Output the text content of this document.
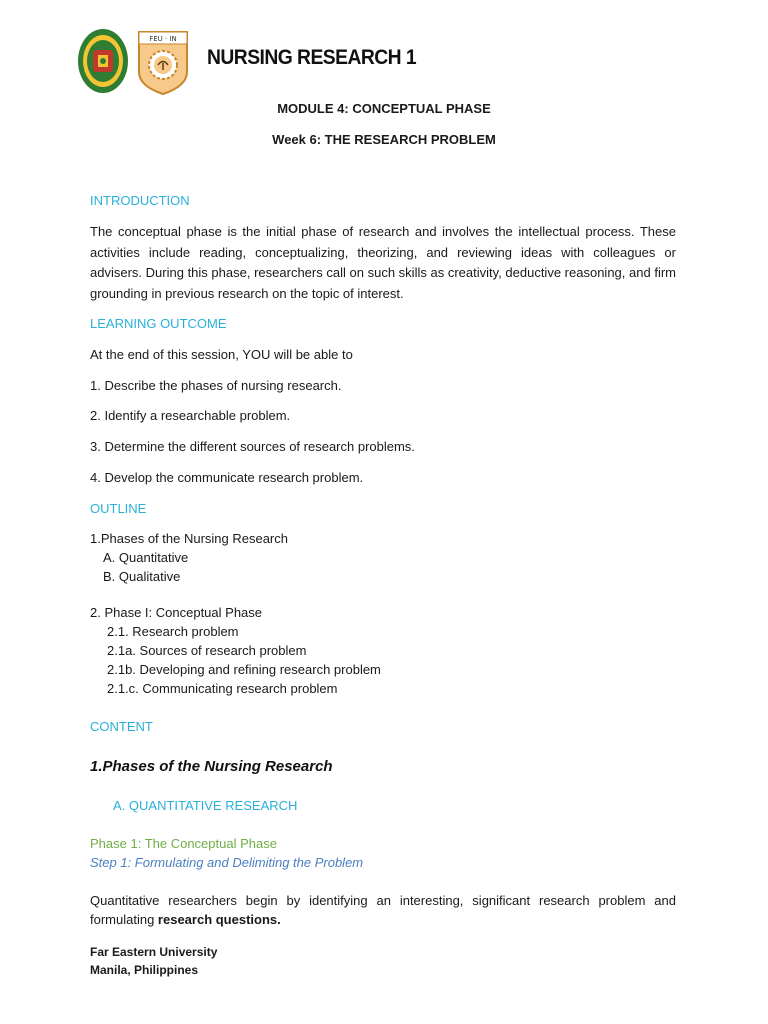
FEU · IN
NURSING RESEARCH 1
MODULE 4: CONCEPTUAL PHASE
Week 6: THE RESEARCH PROBLEM
INTRODUCTION
The conceptual phase is the initial phase of research and involves the intellectual process. These activities include reading, conceptualizing, theorizing, and reviewing ideas with colleagues or advisers. During this phase, researchers call on such skills as creativity, deductive reasoning, and firm grounding in previous research on the topic of interest.
LEARNING OUTCOME
At the end of this session, YOU will be able to
1. Describe the phases of nursing research.
2. Identify a researchable problem.
3. Determine the different sources of research problems.
4. Develop the communicate research problem.
OUTLINE
1.Phases of the Nursing Research
A. Quantitative
B. Qualitative
2. Phase I: Conceptual Phase
2.1. Research problem
2.1a. Sources of research problem
2.1b. Developing and refining research problem
2.1.c. Communicating research problem
CONTENT
1.Phases of the Nursing Research
A. QUANTITATIVE RESEARCH
Phase 1: The Conceptual Phase
Step 1: Formulating and Delimiting the Problem
Quantitative researchers begin by identifying an interesting, significant research problem and formulating research questions.
Far Eastern University
Manila, Philippines
